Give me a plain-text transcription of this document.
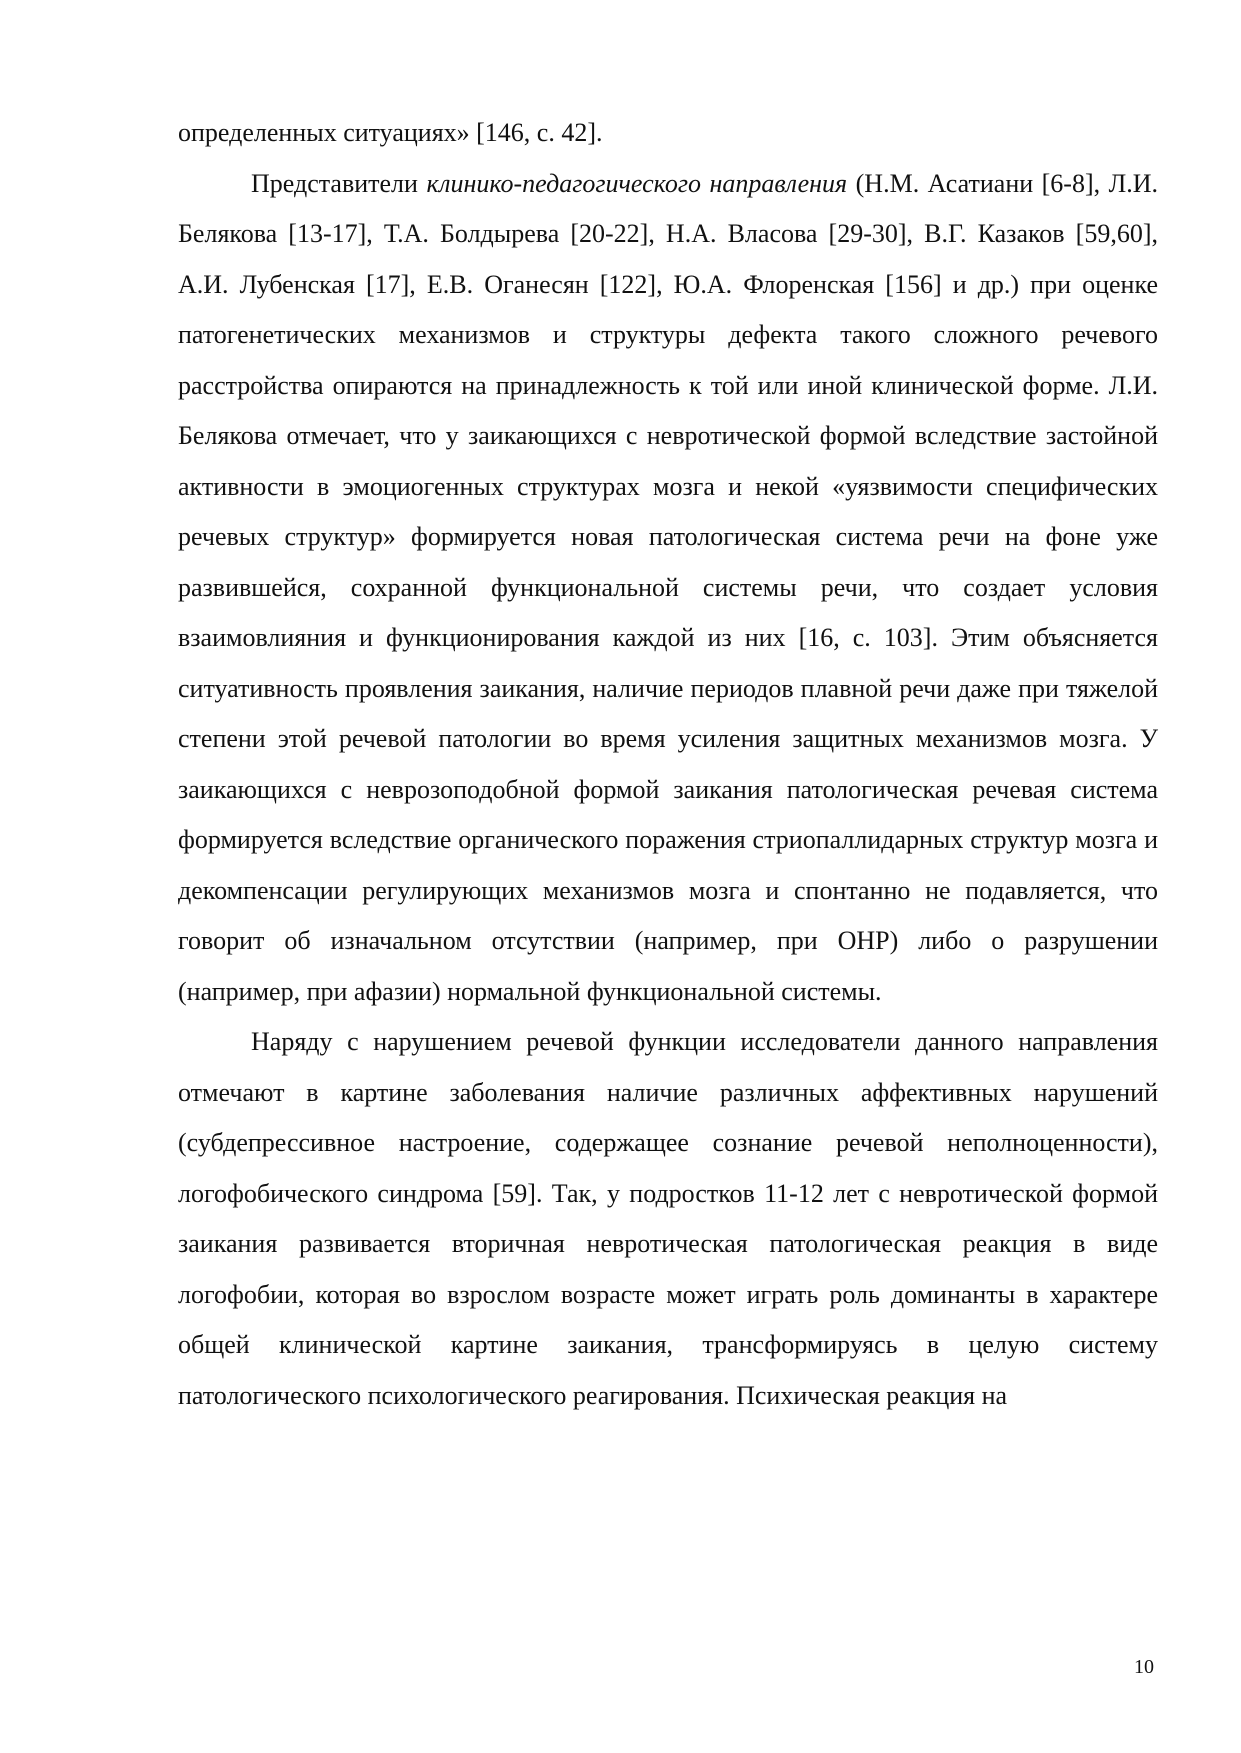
определенных ситуациях» [146, с. 42].

Представители клинико-педагогического направления (Н.М. Асатиани [6-8], Л.И. Белякова [13-17], Т.А. Болдырева [20-22], Н.А. Власова [29-30], В.Г. Казаков [59,60], А.И. Лубенская [17], Е.В. Оганесян [122], Ю.А. Флоренская [156] и др.) при оценке патогенетических механизмов и структуры дефекта такого сложного речевого расстройства опираются на принадлежность к той или иной клинической форме. Л.И. Белякова отмечает, что у заикающихся с невротической формой вследствие застойной активности в эмоциогенных структурах мозга и некой «уязвимости специфических речевых структур» формируется новая патологическая система речи на фоне уже развившейся, сохранной функциональной системы речи, что создает условия взаимовлияния и функционирования каждой из них [16, с. 103]. Этим объясняется ситуативность проявления заикания, наличие периодов плавной речи даже при тяжелой степени этой речевой патологии во время усиления защитных механизмов мозга. У заикающихся с неврозоподобной формой заикания патологическая речевая система формируется вследствие органического поражения стриопаллидарных структур мозга и декомпенсации регулирующих механизмов мозга и спонтанно не подавляется, что говорит об изначальном отсутствии (например, при ОНР) либо о разрушении (например, при афазии) нормальной функциональной системы.

Наряду с нарушением речевой функции исследователи данного направления отмечают в картине заболевания наличие различных аффективных нарушений (субдепрессивное настроение, содержащее сознание речевой неполноценности), логофобического синдрома [59]. Так, у подростков 11-12 лет с невротической формой заикания развивается вторичная невротическая патологическая реакция в виде логофобии, которая во взрослом возрасте может играть роль доминанты в характере общей клинической картине заикания, трансформируясь в целую систему патологического психологического реагирования. Психическая реакция на

10
